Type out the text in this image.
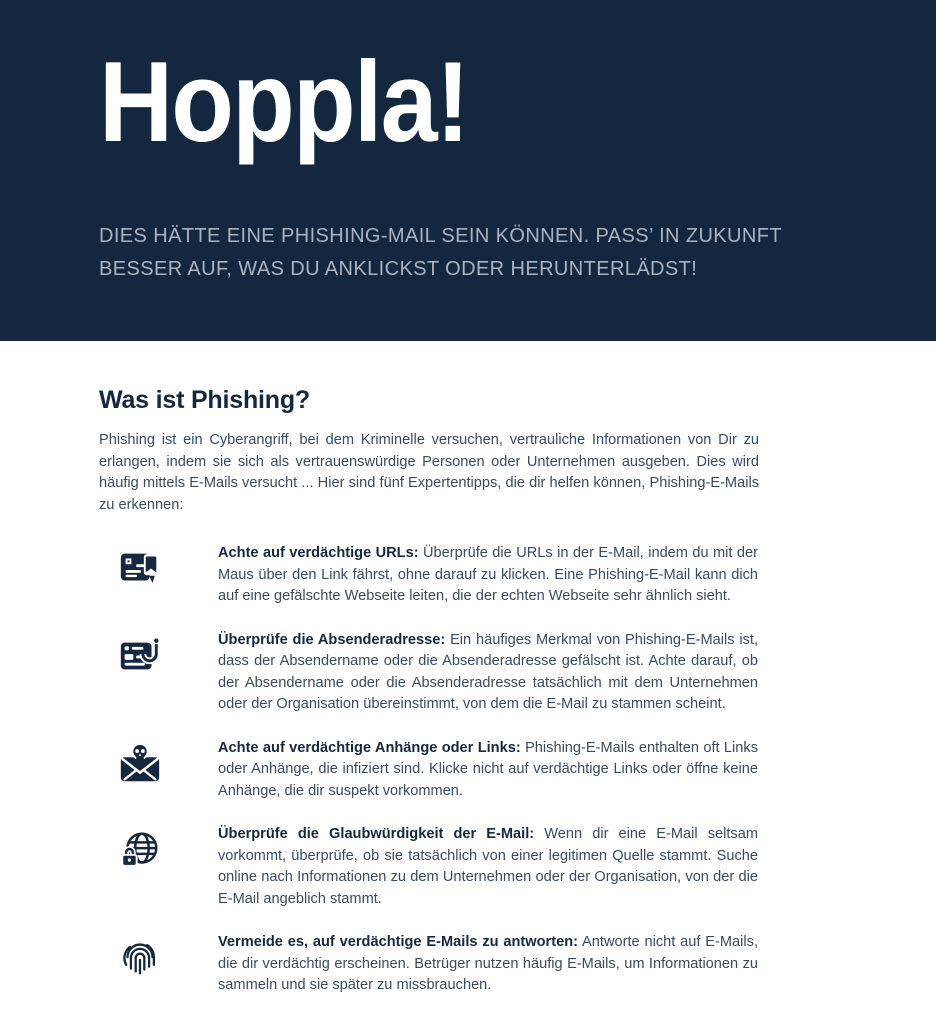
Hoppla!

DIES HÄTTE EINE PHISHING-MAIL SEIN KÖNNEN. PASS’ IN ZUKUNFT
BESSER AUF, WAS DU ANKLICKST ODER HERUNTERLÄDST!

Was ist Phishing?

Phishing ist ein Cyberangriff, bei dem Kriminelle versuchen, vertrauliche Informationen von Dir zu erlangen, indem sie sich als vertrauenswürdige Personen oder Unternehmen ausgeben. Dies wird häufig mittels E-Mails versucht ... Hier sind fünf Expertentipps, die dir helfen können, Phishing-E-Mails zu erkennen:

Achte auf verdächtige URLs: Überprüfe die URLs in der E-Mail, indem du mit der Maus über den Link fährst, ohne darauf zu klicken. Eine Phishing-E-Mail kann dich auf eine gefälschte Webseite leiten, die der echten Webseite sehr ähnlich sieht.

Überprüfe die Absenderadresse: Ein häufiges Merkmal von Phishing-E-Mails ist, dass der Absendername oder die Absenderadresse gefälscht ist. Achte darauf, ob der Absendername oder die Absenderadresse tatsächlich mit dem Unternehmen oder der Organisation übereinstimmt, von dem die E-Mail zu stammen scheint.

Achte auf verdächtige Anhänge oder Links: Phishing-E-Mails enthalten oft Links oder Anhänge, die infiziert sind. Klicke nicht auf verdächtige Links oder öffne keine Anhänge, die dir suspekt vorkommen.

Überprüfe die Glaubwürdigkeit der E-Mail: Wenn dir eine E-Mail seltsam vorkommt, überprüfe, ob sie tatsächlich von einer legitimen Quelle stammt. Suche online nach Informationen zu dem Unternehmen oder der Organisation, von der die E-Mail angeblich stammt.

Vermeide es, auf verdächtige E-Mails zu antworten: Antworte nicht auf E-Mails, die dir verdächtig erscheinen. Betrüger nutzen häufig E-Mails, um Informationen zu sammeln und sie später zu missbrauchen.
